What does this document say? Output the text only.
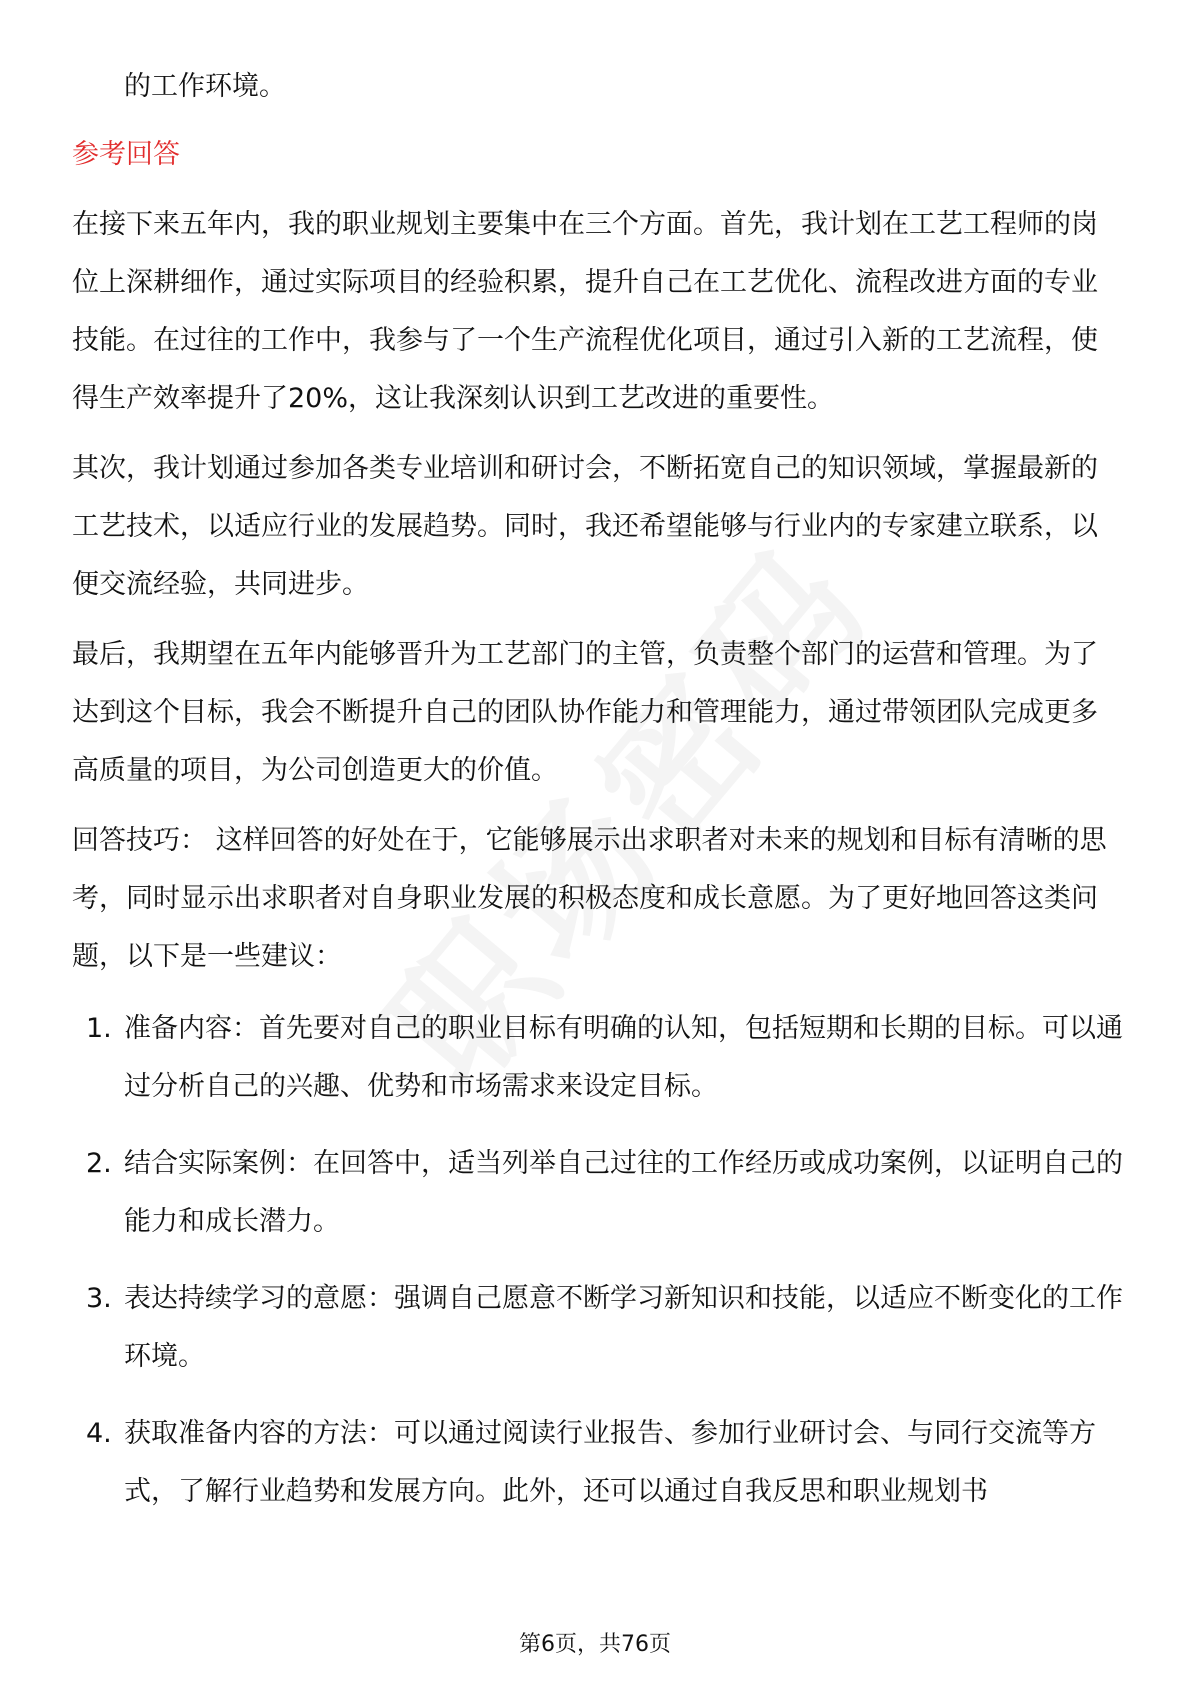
的工作环境。

参考回答

在接下来五年内，我的职业规划主要集中在三个方面。首先，我计划在工艺工程师的岗位上深耕细作，通过实际项目的经验积累，提升自己在工艺优化、流程改进方面的专业技能。在过往的工作中，我参与了一个生产流程优化项目，通过引入新的工艺流程，使得生产效率提升了20%，这让我深刻认识到工艺改进的重要性。

其次，我计划通过参加各类专业培训和研讨会，不断拓宽自己的知识领域，掌握最新的工艺技术，以适应行业的发展趋势。同时，我还希望能够与行业内的专家建立联系，以便交流经验，共同进步。

最后，我期望在五年内能够晋升为工艺部门的主管，负责整个部门的运营和管理。为了达到这个目标，我会不断提升自己的团队协作能力和管理能力，通过带领团队完成更多高质量的项目，为公司创造更大的价值。

回答技巧： 这样回答的好处在于，它能够展示出求职者对未来的规划和目标有清晰的思考，同时显示出求职者对自身职业发展的积极态度和成长意愿。为了更好地回答这类问题，以下是一些建议：

1. 准备内容：首先要对自己的职业目标有明确的认知，包括短期和长期的目标。可以通过分析自己的兴趣、优势和市场需求来设定目标。
2. 结合实际案例：在回答中，适当列举自己过往的工作经历或成功案例，以证明自己的能力和成长潜力。
3. 表达持续学习的意愿：强调自己愿意不断学习新知识和技能，以适应不断变化的工作环境。
4. 获取准备内容的方法：可以通过阅读行业报告、参加行业研讨会、与同行交流等方式，了解行业趋势和发展方向。此外，还可以通过自我反思和职业规划书
第6页，共76页
